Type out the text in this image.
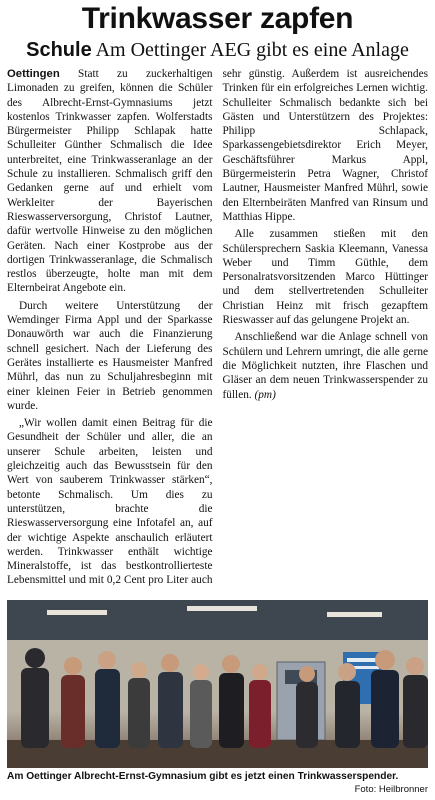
Trinkwasser zapfen
Schule Am Oettinger AEG gibt es eine Anlage

Oettingen Statt zu zuckerhaltigen Limonaden zu greifen, können die Schüler des Albrecht-Ernst-Gymnasiums jetzt kostenlos Trinkwasser zapfen. Wolferstadts Bürgermeister Philipp Schlapak hatte Schulleiter Günther Schmalisch die Idee unterbreitet, eine Trinkwasseranlage an der Schule zu installieren. Schmalisch griff den Gedanken gerne auf und erhielt vom Werkleiter der Bayerischen Rieswasserversorgung, Christof Lautner, dafür wertvolle Hinweise zu den möglichen Geräten. Nach einer Kostprobe aus der dortigen Trinkwasseranlage, die Schmalisch restlos überzeugte, holte man mit dem Elternbeirat Angebote ein.

Durch weitere Unterstützung der Wemdinger Firma Appl und der Sparkasse Donauwörth war auch die Finanzierung schnell gesichert. Nach der Lieferung des Gerätes installierte es Hausmeister Manfred Mührl, das nun zu Schuljahresbeginn mit einer kleinen Feier in Betrieb genommen wurde.

„Wir wollen damit einen Beitrag für die Gesundheit der Schüler und aller, die an unserer Schule arbeiten, leisten und gleichzeitig auch das Bewusstsein für den Wert von sauberem Trinkwasser stärken“, betonte Schmalisch. Um dies zu unterstützen, brachte die Rieswasserversorgung eine Infotafel an, auf der wichtige Aspekte anschaulich erläutert werden. Trinkwasser enthält wichtige Mineralstoffe, ist das bestkontrollierteste Lebensmittel und mit 0,2 Cent pro Liter auch sehr günstig. Außerdem ist ausreichendes Trinken für ein erfolgreiches Lernen wichtig. Schulleiter Schmalisch bedankte sich bei Gästen und Unterstützern des Projektes: Philipp Schlapack, Sparkassengebietsdirektor Erich Meyer, Geschäftsführer Markus Appl, Bürgermeisterin Petra Wagner, Christof Lautner, Hausmeister Manfred Mührl, sowie den Elternbeiräten Manfred van Rinsum und Matthias Hippe.

Alle zusammen stießen mit den Schülersprechern Saskia Kleemann, Vanessa Weber und Timm Güthle, dem Personalratsvorsitzenden Marco Hüttinger und dem stellvertretenden Schulleiter Christian Heinz mit frisch gezapftem Rieswasser auf das gelungene Projekt an.

Anschließend war die Anlage schnell von Schülern und Lehrern umringt, die alle gerne die Möglichkeit nutzten, ihre Flaschen und Gläser an dem neuen Trinkwasserspender zu füllen. (pm)

Am Oettinger Albrecht-Ernst-Gymnasium gibt es jetzt einen Trinkwasserspender.
Foto: Heilbronner
